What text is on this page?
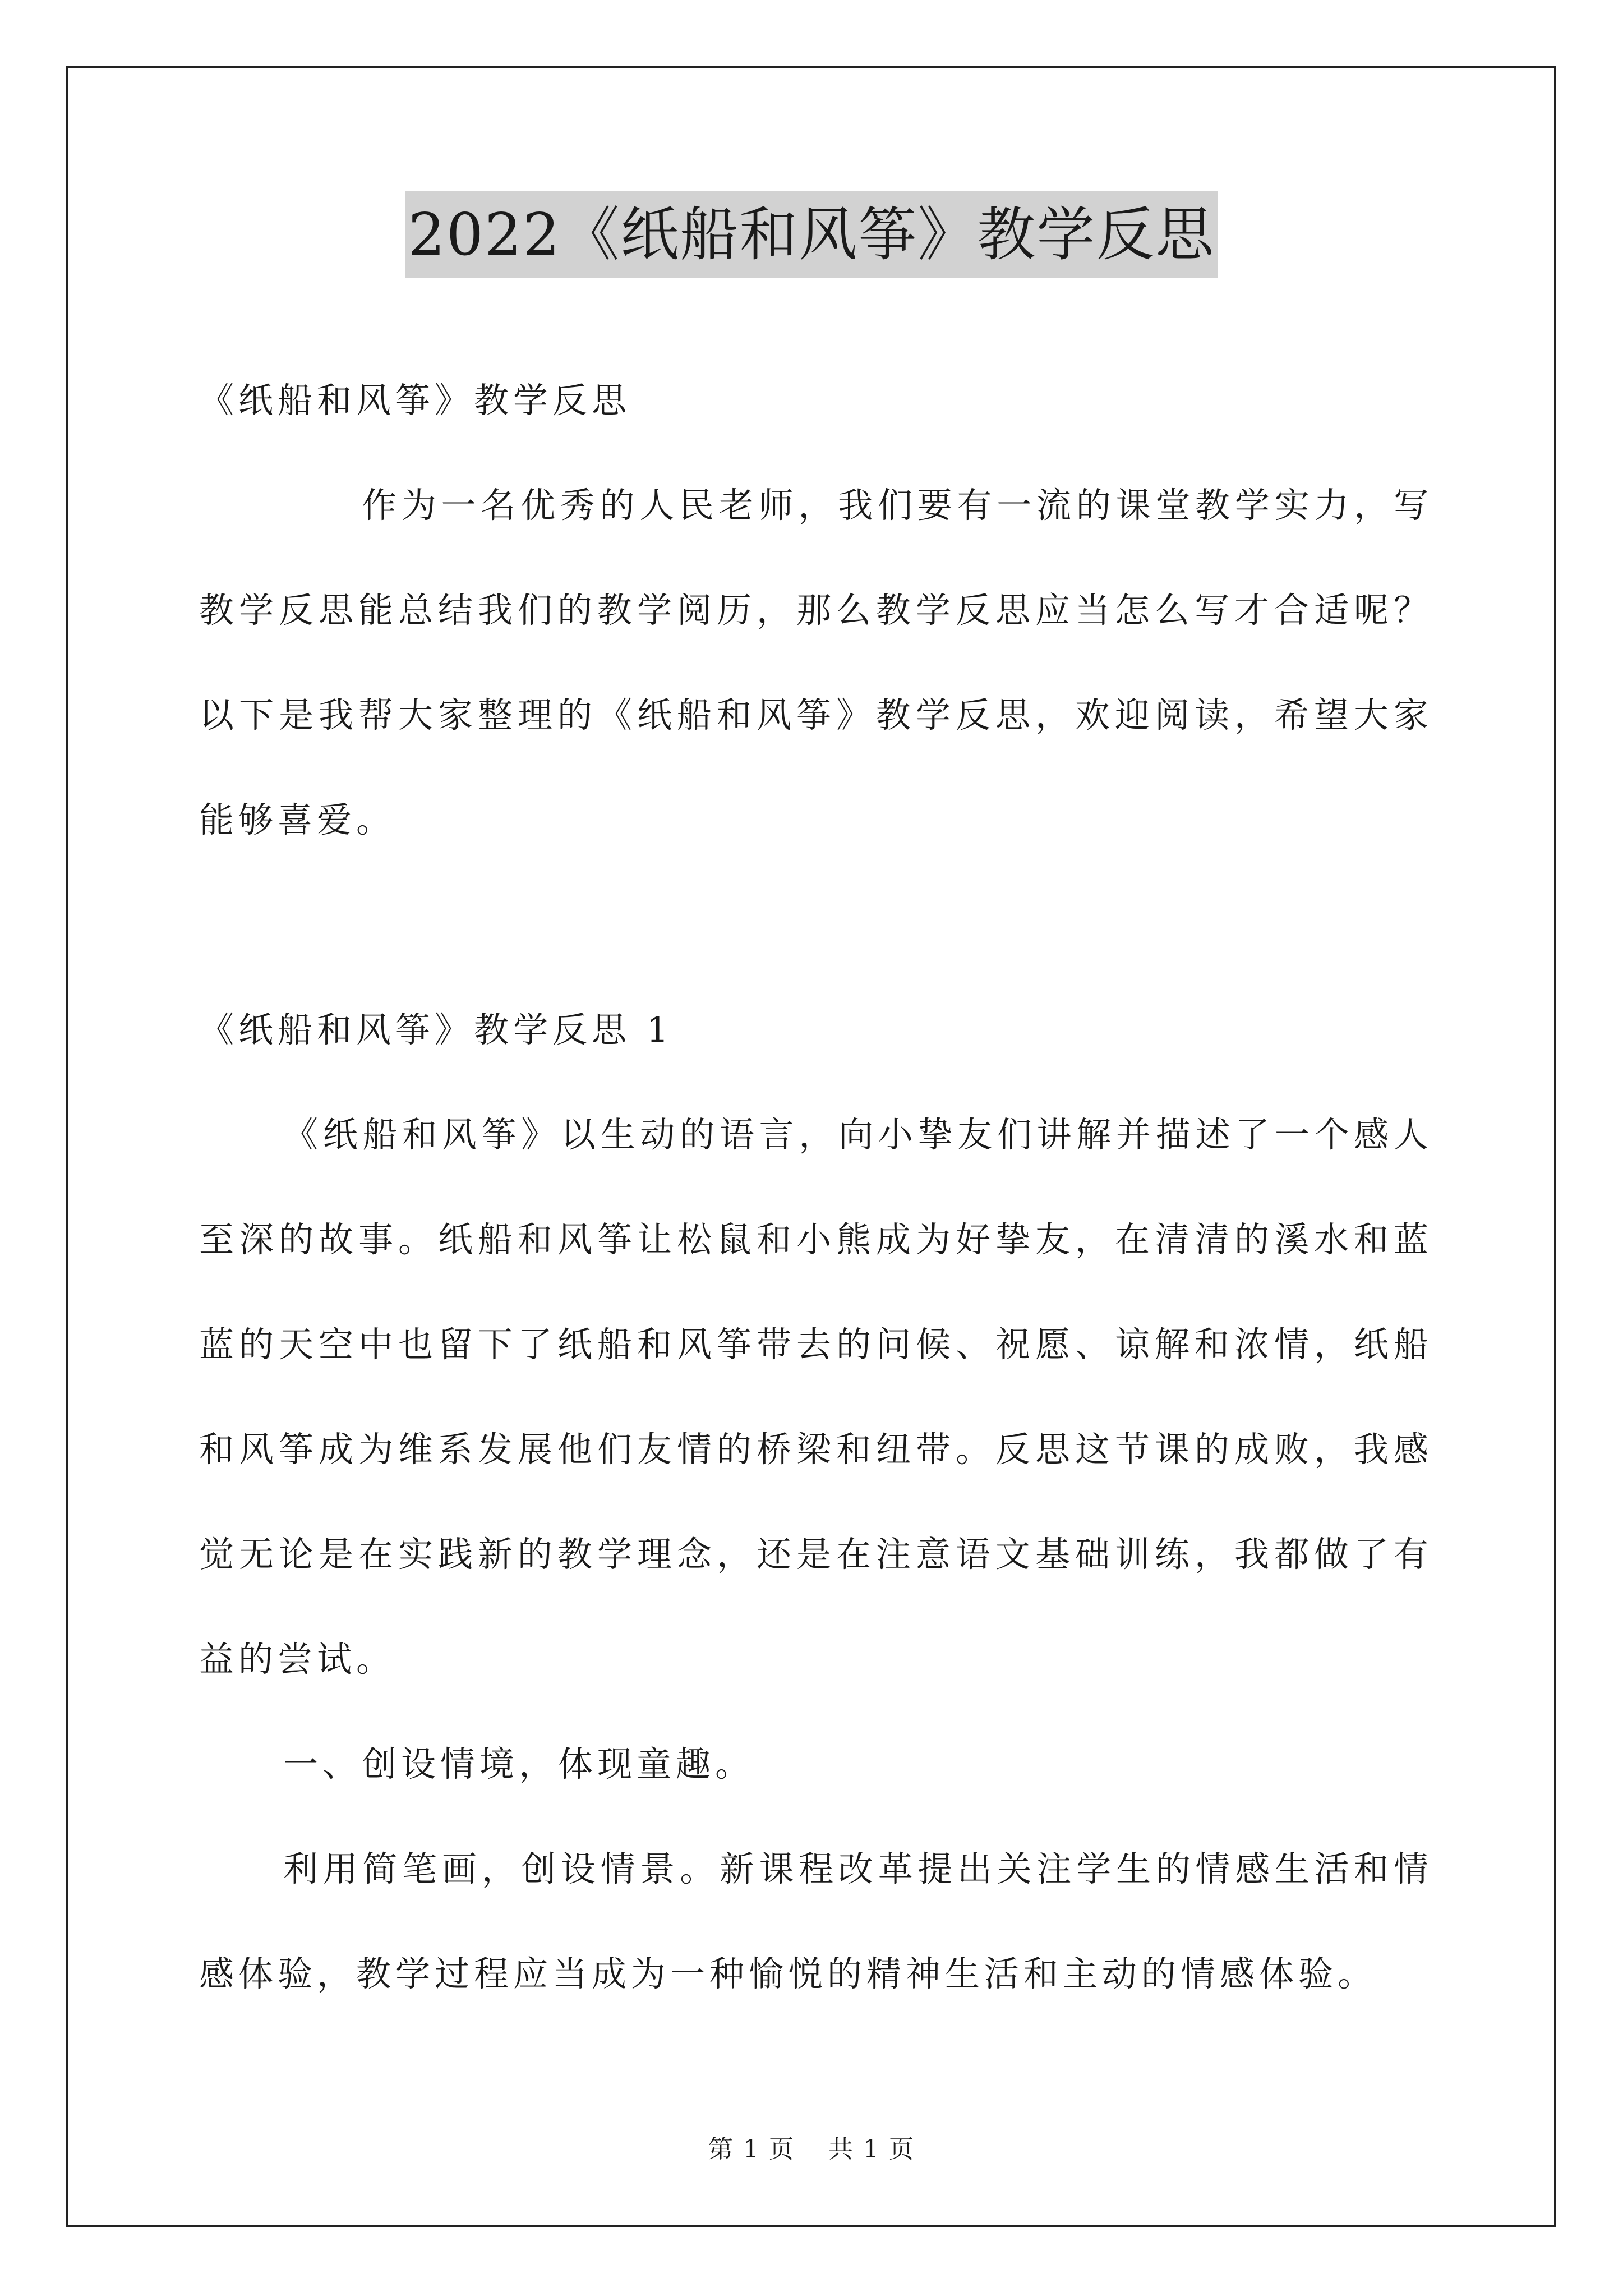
2022《纸船和风筝》教学反思

《纸船和风筝》教学反思

作为一名优秀的人民老师，我们要有一流的课堂教学实力，写教学反思能总结我们的教学阅历，那么教学反思应当怎么写才合适呢？以下是我帮大家整理的《纸船和风筝》教学反思，欢迎阅读，希望大家能够喜爱。

《纸船和风筝》教学反思 1

《纸船和风筝》以生动的语言，向小挚友们讲解并描述了一个感人至深的故事。纸船和风筝让松鼠和小熊成为好挚友，在清清的溪水和蓝蓝的天空中也留下了纸船和风筝带去的问候、祝愿、谅解和浓情，纸船和风筝成为维系发展他们友情的桥梁和纽带。反思这节课的成败，我感觉无论是在实践新的教学理念，还是在注意语文基础训练，我都做了有益的尝试。

一、创设情境，体现童趣。

利用简笔画，创设情景。新课程改革提出关注学生的情感生活和情感体验，教学过程应当成为一种愉悦的精神生活和主动的情感体验。

第 1 页 共 1 页
